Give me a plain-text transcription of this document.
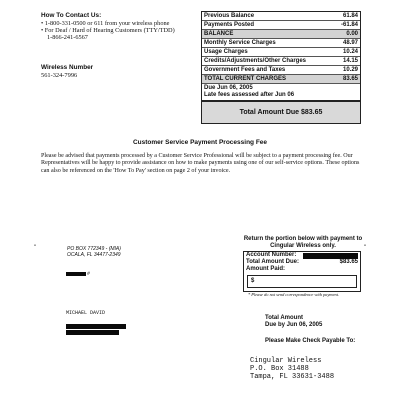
How To Contact Us:
• 1-800-331-0500 or 611 from your wireless phone
• For Deaf / Hard of Hearing Customers (TTY/TDD)
1-866-241-6567
Wireless Number
561-324-7996
Previous Balance	61.84
Payments Posted	-61.84
BALANCE	0.00
Monthly Service Charges	48.97
Usage Charges	10.24
Credits/Adjustments/Other Charges	14.15
Government Fees and Taxes	10.29
TOTAL CURRENT CHARGES	83.65
Due Jun 06, 2005
Late fees assessed after Jun 06
Total Amount Due $83.65
Customer Service Payment Processing Fee
Please be advised that payments processed by a Customer Service Professional will be subject to a payment processing fee. Our Representatives will be happy to provide assistance on how to make payments using one of our self-service options. These options can also be referenced on the 'How To Pay' section on page 2 of your invoice.
-	-
Return the portion below with payment to Cingular Wireless only.
Account Number:
Total Amount Due:	$83.65
Amount Paid:
$
* Please do not send correspondence with payment.
PO BOX 772349 - (MIA)
OCALA, FL 34477-2349
#
MICHAEL DAVID
Total Amount
Due by Jun 06, 2005
Please Make Check Payable To:
Cingular Wireless
P.O. Box 31488
Tampa, FL 33631-3488
